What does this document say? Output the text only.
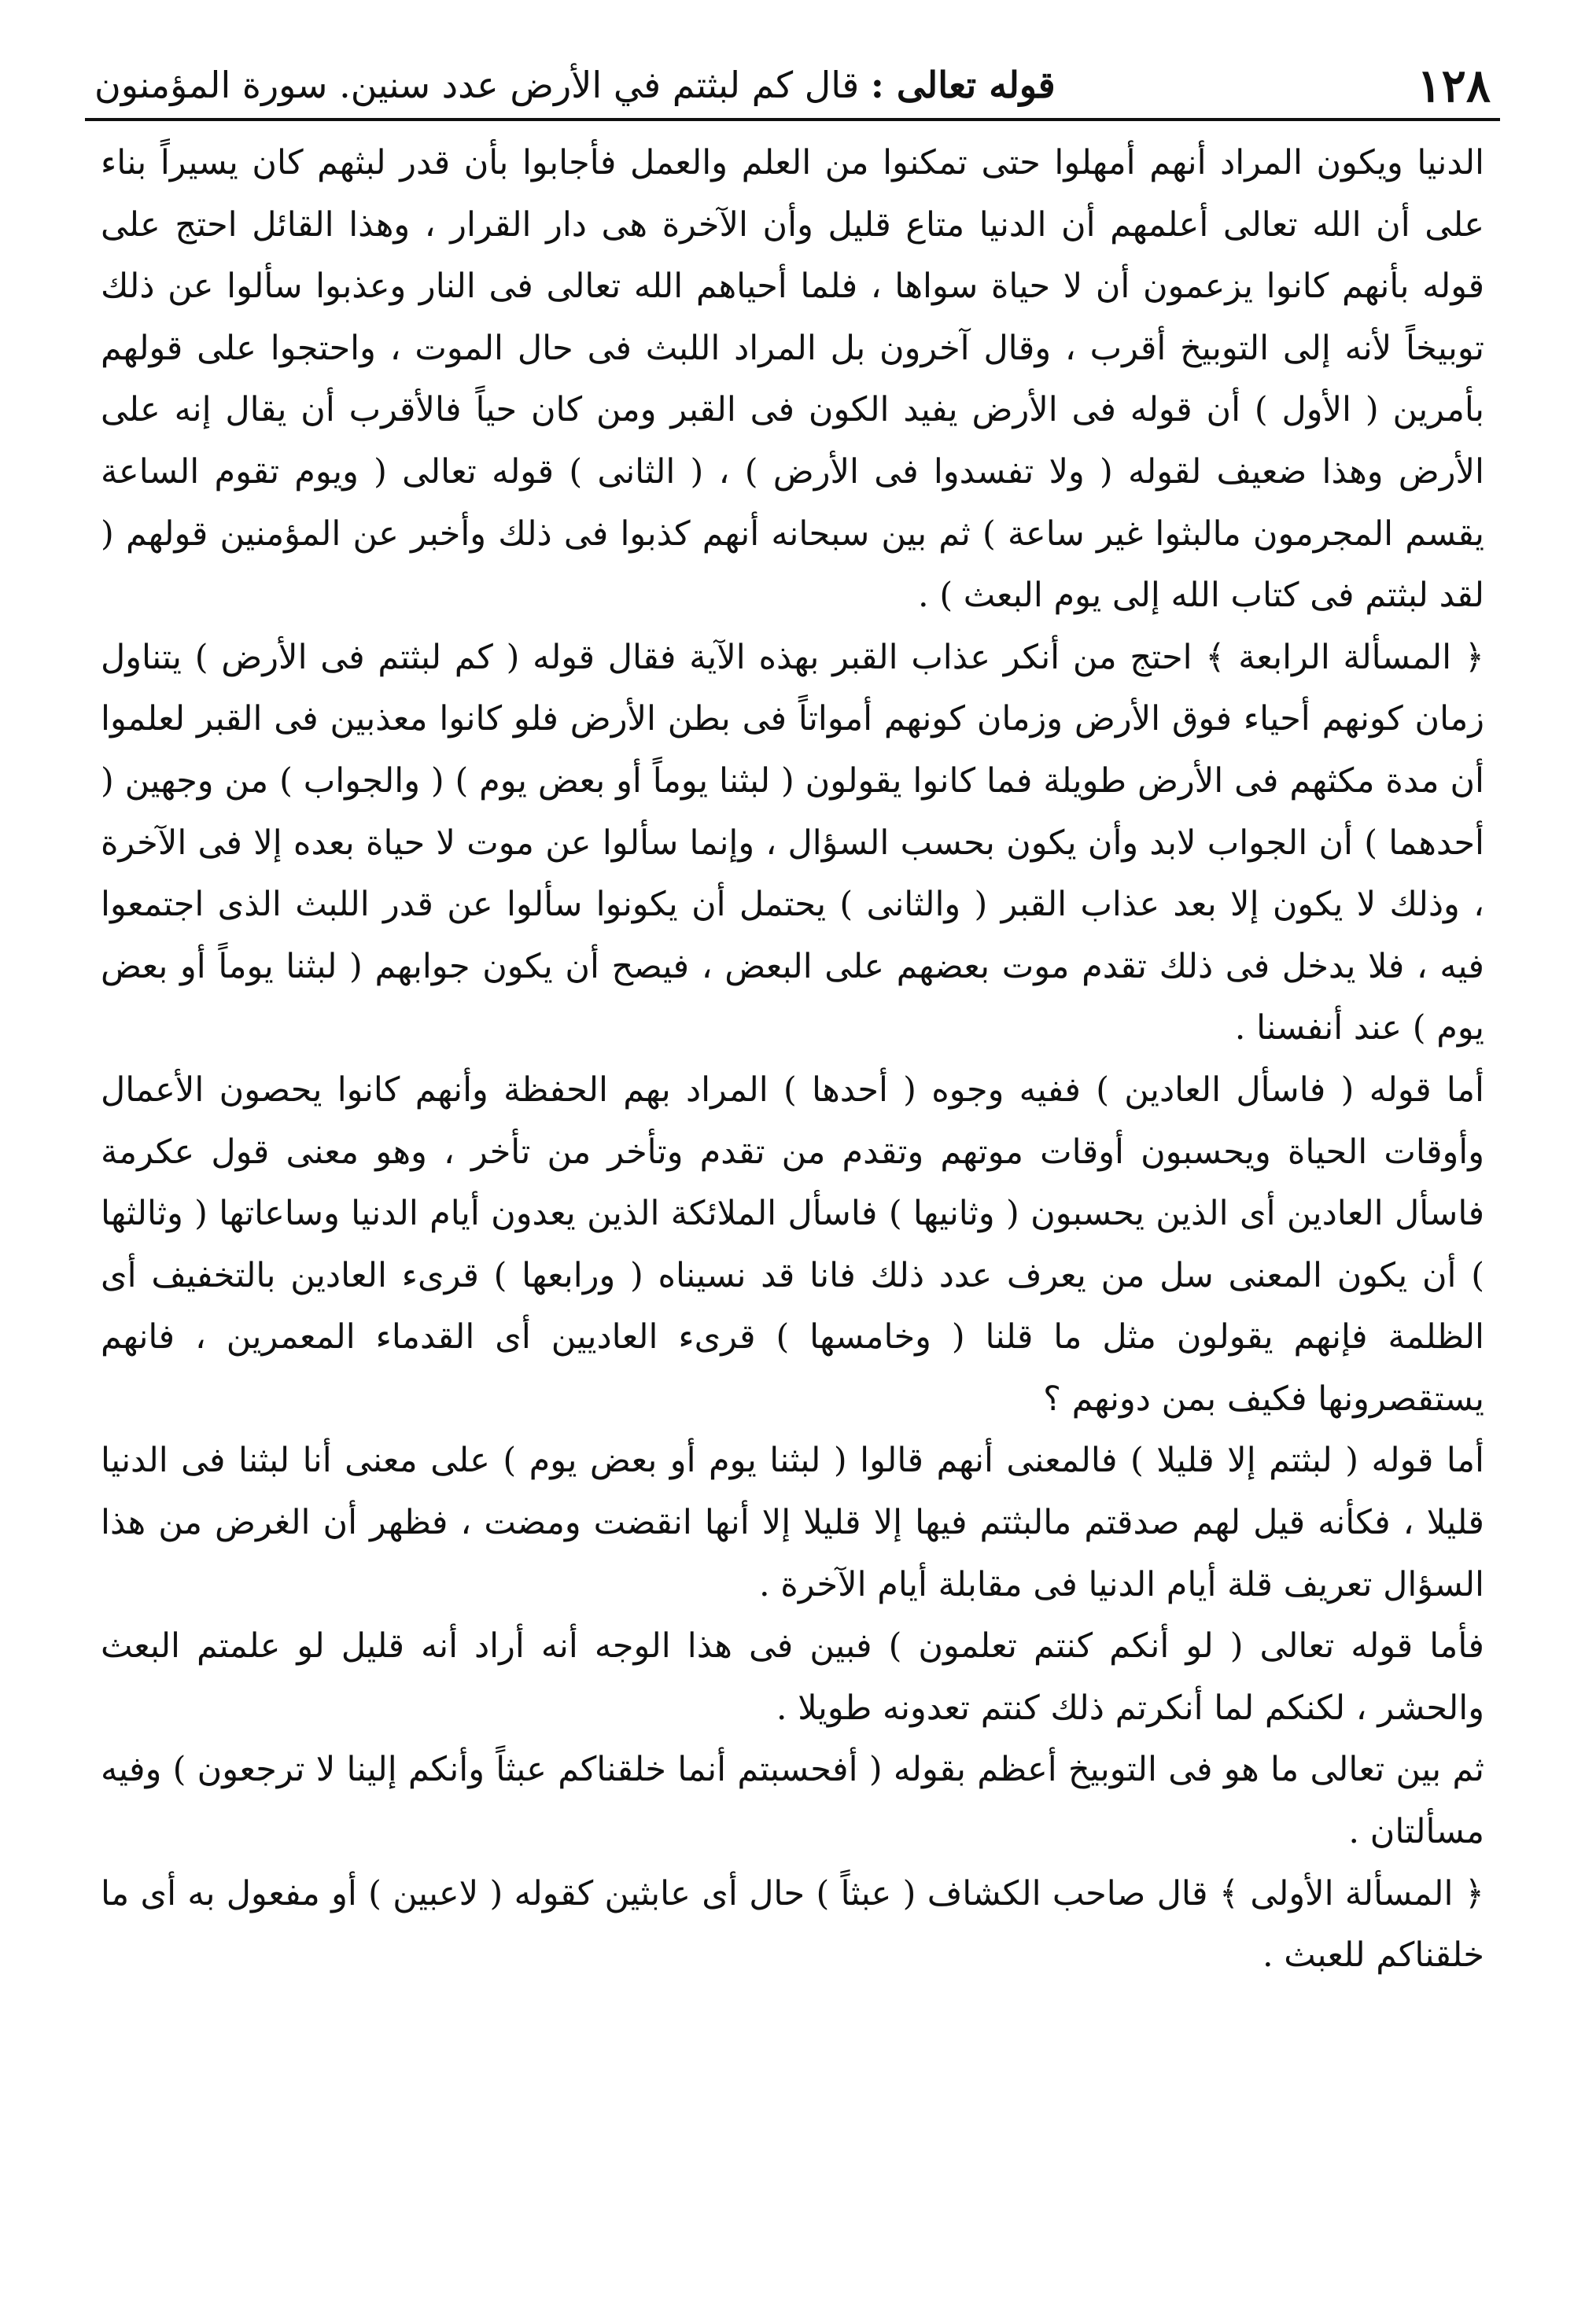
١٢٨
قوله تعالى : قال كم لبثتم في الأرض عدد سنين. سورة المؤمنون

الدنيا ويكون المراد أنهم أمهلوا حتى تمكنوا من العلم والعمل فأجابوا بأن قدر لبثهم كان يسيراً بناء على أن الله تعالى أعلمهم أن الدنيا متاع قليل وأن الآخرة هى دار القرار ، وهذا القائل احتج على قوله بأنهم كانوا يزعمون أن لا حياة سواها ، فلما أحياهم الله تعالى فى النار وعذبوا سألوا عن ذلك توبيخاً لأنه إلى التوبيخ أقرب ، وقال آخرون بل المراد اللبث فى حال الموت ، واحتجوا على قولهم بأمرين ( الأول ) أن قوله فى الأرض يفيد الكون فى القبر ومن كان حياً فالأقرب أن يقال إنه على الأرض وهذا ضعيف لقوله ( ولا تفسدوا فى الأرض ) ، ( الثانى ) قوله تعالى ( ويوم تقوم الساعة يقسم المجرمون مالبثوا غير ساعة ) ثم بين سبحانه أنهم كذبوا فى ذلك وأخبر عن المؤمنين قولهم ( لقد لبثتم فى كتاب الله إلى يوم البعث ) .

﴿ المسألة الرابعة ﴾ احتج من أنكر عذاب القبر بهذه الآية فقال قوله ( كم لبثتم فى الأرض ) يتناول زمان كونهم أحياء فوق الأرض وزمان كونهم أمواتاً فى بطن الأرض فلو كانوا معذبين فى القبر لعلموا أن مدة مكثهم فى الأرض طويلة فما كانوا يقولون ( لبثنا يوماً أو بعض يوم ) ( والجواب ) من وجهين ( أحدهما ) أن الجواب لابد وأن يكون بحسب السؤال ، وإنما سألوا عن موت لا حياة بعده إلا فى الآخرة ، وذلك لا يكون إلا بعد عذاب القبر ( والثانى ) يحتمل أن يكونوا سألوا عن قدر اللبث الذى اجتمعوا فيه ، فلا يدخل فى ذلك تقدم موت بعضهم على البعض ، فيصح أن يكون جوابهم ( لبثنا يوماً أو بعض يوم ) عند أنفسنا .

أما قوله ( فاسأل العادين ) ففيه وجوه ( أحدها ) المراد بهم الحفظة وأنهم كانوا يحصون الأعمال وأوقات الحياة ويحسبون أوقات موتهم وتقدم من تقدم وتأخر من تأخر ، وهو معنى قول عكرمة فاسأل العادين أى الذين يحسبون ( وثانيها ) فاسأل الملائكة الذين يعدون أيام الدنيا وساعاتها ( وثالثها ) أن يكون المعنى سل من يعرف عدد ذلك فانا قد نسيناه ( ورابعها ) قرىء العادين بالتخفيف أى الظلمة فإنهم يقولون مثل ما قلنا ( وخامسها ) قرىء العاديين أى القدماء المعمرين ، فانهم يستقصرونها فكيف بمن دونهم ؟

أما قوله ( لبثتم إلا قليلا ) فالمعنى أنهم قالوا ( لبثنا يوم أو بعض يوم ) على معنى أنا لبثنا فى الدنيا قليلا ، فكأنه قيل لهم صدقتم مالبثتم فيها إلا قليلا إلا أنها انقضت ومضت ، فظهر أن الغرض من هذا السؤال تعريف قلة أيام الدنيا فى مقابلة أيام الآخرة .

فأما قوله تعالى ( لو أنكم كنتم تعلمون ) فبين فى هذا الوجه أنه أراد أنه قليل لو علمتم البعث والحشر ، لكنكم لما أنكرتم ذلك كنتم تعدونه طويلا .

ثم بين تعالى ما هو فى التوبيخ أعظم بقوله ( أفحسبتم أنما خلقناكم عبثاً وأنكم إلينا لا ترجعون ) وفيه مسألتان .

﴿ المسألة الأولى ﴾ قال صاحب الكشاف ( عبثاً ) حال أى عابثين كقوله ( لاعبين ) أو مفعول به أى ما خلقناكم للعبث .
